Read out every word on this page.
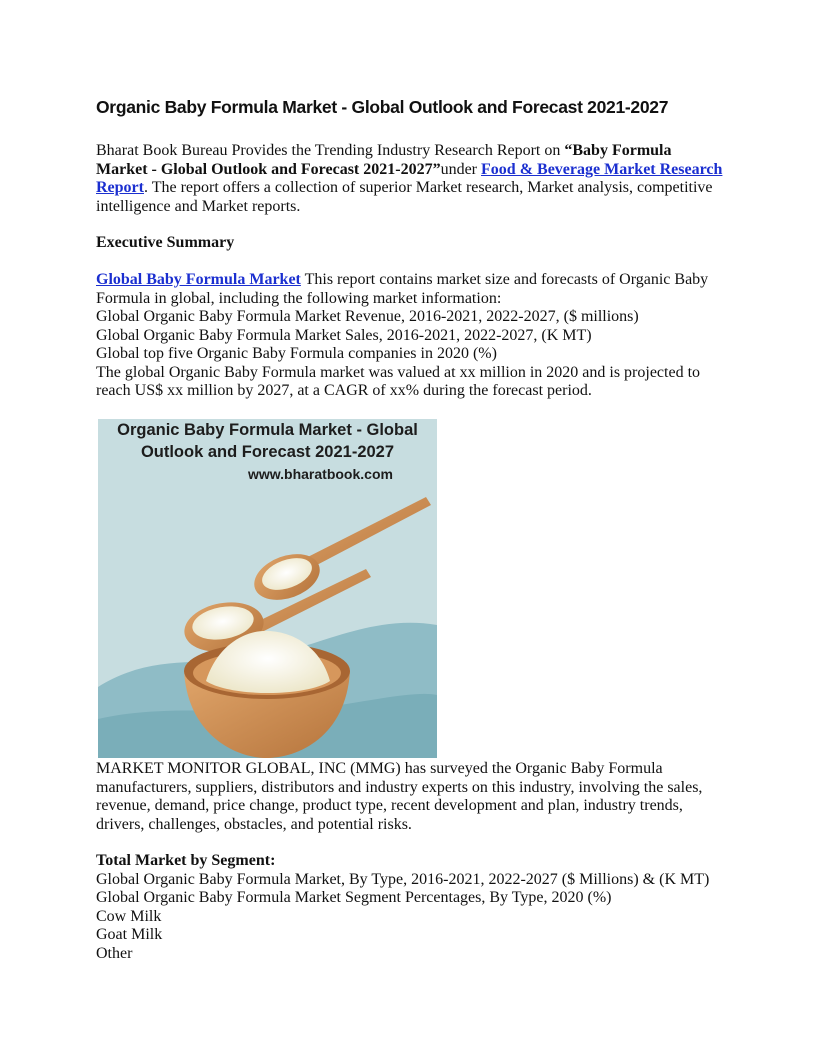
Organic Baby Formula Market - Global Outlook and Forecast 2021-2027

Bharat Book Bureau Provides the Trending Industry Research Report on “Baby Formula Market - Global Outlook and Forecast 2021-2027”under Food & Beverage Market Research Report. The report offers a collection of superior Market research, Market analysis, competitive intelligence and Market reports.

Executive Summary

Global Baby Formula Market This report contains market size and forecasts of Organic Baby Formula in global, including the following market information:

Global Organic Baby Formula Market Revenue, 2016-2021, 2022-2027, ($ millions)
Global Organic Baby Formula Market Sales, 2016-2021, 2022-2027, (K MT)
Global top five Organic Baby Formula companies in 2020 (%)

The global Organic Baby Formula market was valued at xx million in 2020 and is projected to reach US$ xx million by 2027, at a CAGR of xx% during the forecast period.

Organic Baby Formula Market - Global
Outlook and Forecast 2021-2027
www.bharatbook.com

MARKET MONITOR GLOBAL, INC (MMG) has surveyed the Organic Baby Formula manufacturers, suppliers, distributors and industry experts on this industry, involving the sales, revenue, demand, price change, product type, recent development and plan, industry trends, drivers, challenges, obstacles, and potential risks.

Total Market by Segment:
Global Organic Baby Formula Market, By Type, 2016-2021, 2022-2027 ($ Millions) & (K MT)
Global Organic Baby Formula Market Segment Percentages, By Type, 2020 (%)
Cow Milk
Goat Milk
Other
